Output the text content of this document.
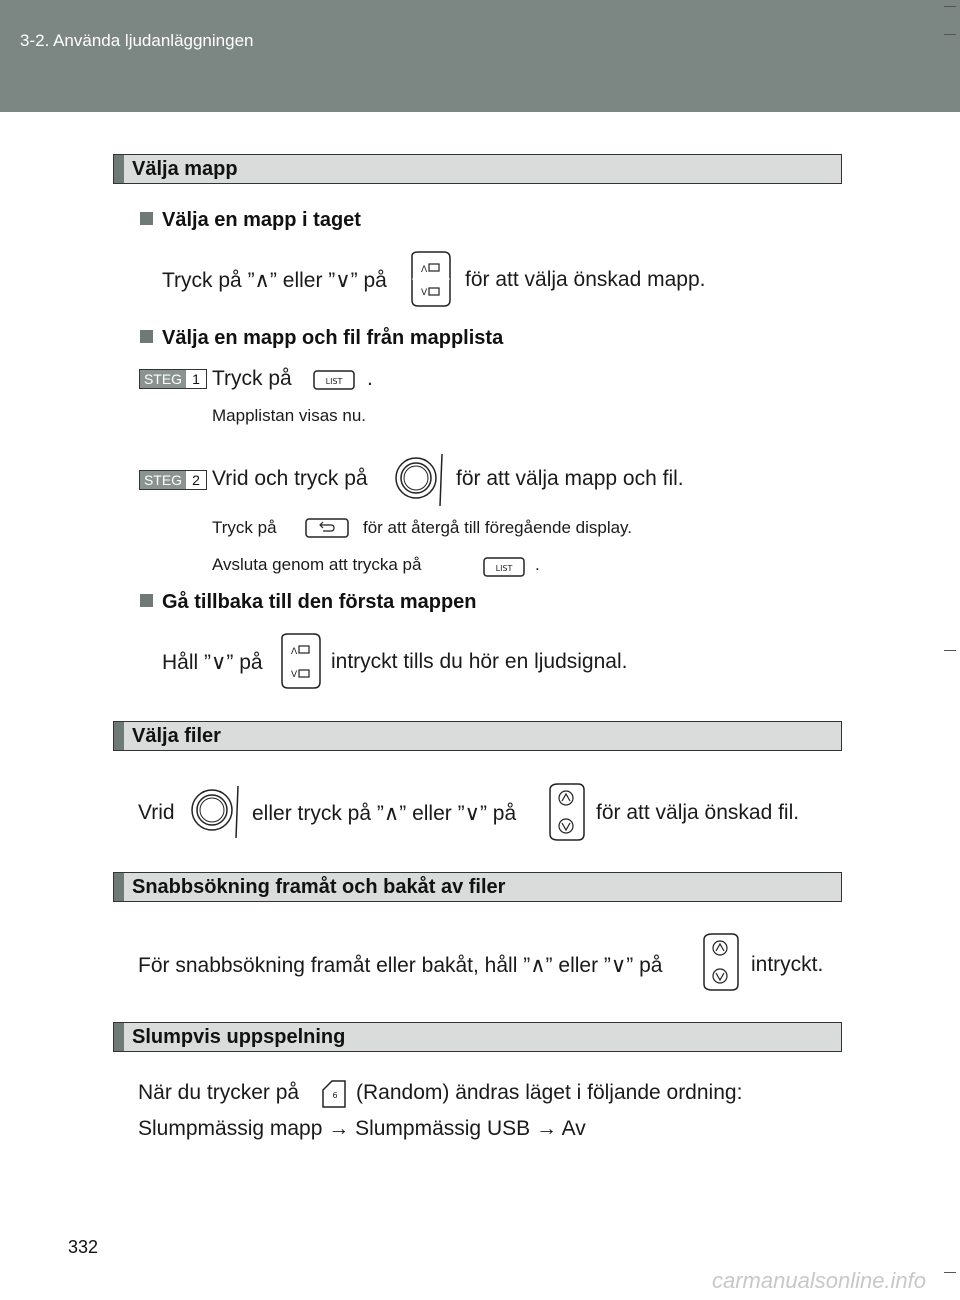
3-2. Använda ljudanläggningen
Välja mapp
Välja en mapp i taget
Tryck på ”∧” eller ”∨” på	Λ
V
för att välja önskad mapp.
Välja en mapp och fil från mapplista
STEG 1 Tryck på	LIST .
Mapplistan visas nu.
STEG 2 Vrid och tryck på	för att välja mapp och fil.
Tryck på	för att återgå till föregående display.
Avsluta genom att trycka på	LIST .
Gå tillbaka till den första mappen
Håll ”∨” på	Λ
V
intryckt tills du hör en ljudsignal.
Välja filer
Vrid	eller tryck på ”∧” eller ”∨” på	för att välja önskad fil.
Snabbsökning framåt och bakåt av filer
För snabbsökning framåt eller bakåt, håll ”∧” eller ”∨” på	intryckt.
Slumpvis uppspelning
När du trycker på	6 (Random) ändras läget i följande ordning:
Slumpmässig mapp → Slumpmässig USB → Av
332
carmanualsonline.info
